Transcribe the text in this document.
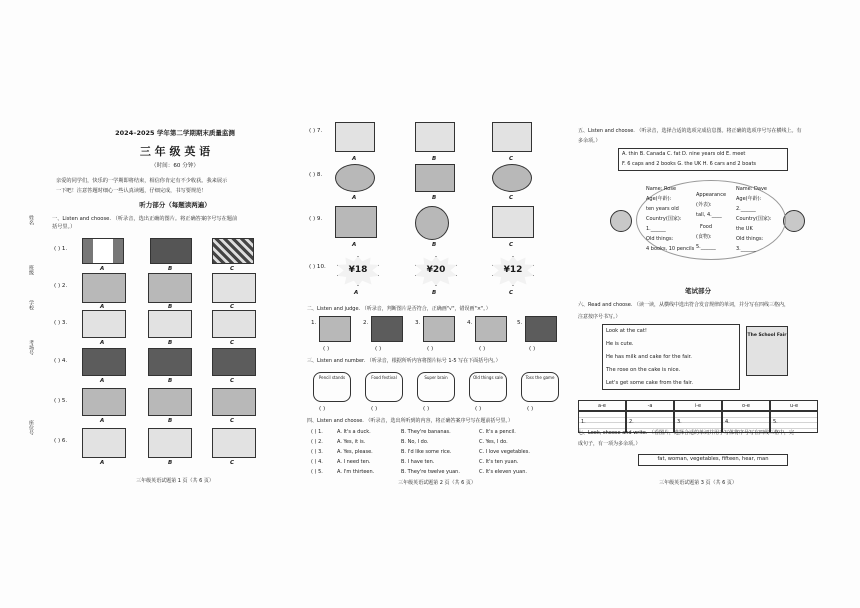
姓名
班级
学校
考场号
座位号
2024–2025 学年第二学期期末质量监测
三 年 级 英 语
（时间：60 分钟）
亲爱的同学们，快乐的一学期即将结束，相信你肯定有不少收获。我来展示
一下吧！注意答题时细心一些认真读题，仔细完成，书写要规范！
听力部分（每题读两遍）
一、Listen and choose. （听录音，选出正确的图片。将正确答案序号写在题前
括号里。）
( ) 1.
A	B	C
( ) 2.
A	B	C
( ) 3.
A	B	C
( ) 4.
A	B	C
( ) 5.
A	B	C
( ) 6.
A	B	C
三年级英语试题第 1 页（共 6 页）
( ) 7.
A	B	C
( ) 8.
A	B	C
( ) 9.
A	B	C
( ) 10.	¥18	¥20	¥12
A	B	C
二、Listen and judge. （听录音，判断图片是否符合，正确画"√"，错误画"×"。）
1.	2.	3.	4.	5.
( )	( )	( )	( )	( )
三、Listen and number. （听录音，根据所听内容将图片标号 1-5 写在下面括号内。）
Pencil stands	Food festival	Super brain	Old things sale	Toss the game
( )	( )	( )	( )	( )
四、Listen and choose. （听录音，选出所听到的内容，将正确答案序号写在题前括号里。）
( ) 1.	A. It's a duck.	B. They're bananas.	C. It's a pencil.
( ) 2.	A. Yes, it is.	B. No, I do.	C. Yes, I do.
( ) 3.	A. Yes, please.	B. I'd like some rice.	C. I love vegetables.
( ) 4.	A. I need ten.	B. I have ten.	C. It's ten yuan.
( ) 5.	A. I'm thirteen.	B. They're twelve yuan.	C. It's eleven yuan.
三年级英语试题第 2 页（共 6 页）
五、Listen and choose. （听录音，选择合适的选项完成信息图。将正确的选项序号写在横线上。有
多余项。）
A. thin B. Canada C. fat D. nine years old E. meet
F. 6 caps and 2 books G. the UK H. 6 cars and 2 boats
Name: Rose
Age(年龄):
ten years old
Country(国家):
1.______
Old things:
4 books, 10 pencils
Appearance
(外表):
tall, 4.____
Food
(食物):
5.______
Name: Dave
Age(年龄):
2.______
Country(国家):
the UK
Old things:
3.______
笔试部分
六、Read and choose. （读一读，从横线中选出符合发音规律的单词，并分写在四线三格内，
注意按序号书写。）
Look at the cat!
He is cute.
He has milk and cake for the fair.
The rose on the cake is nice.
Let's get some cake from the fair.
The School Fair
a-e	-a	i-e	o-e	u-e
1.	2.	3.	4.	5.
七、Look, choose and write. （看图片，选择合适的单词并用手写体将序号写在四线三格中，完
成句子，有一项为多余项。）
fat, woman, vegetables, fifteen, hear, man
三年级英语试题第 3 页（共 6 页）
